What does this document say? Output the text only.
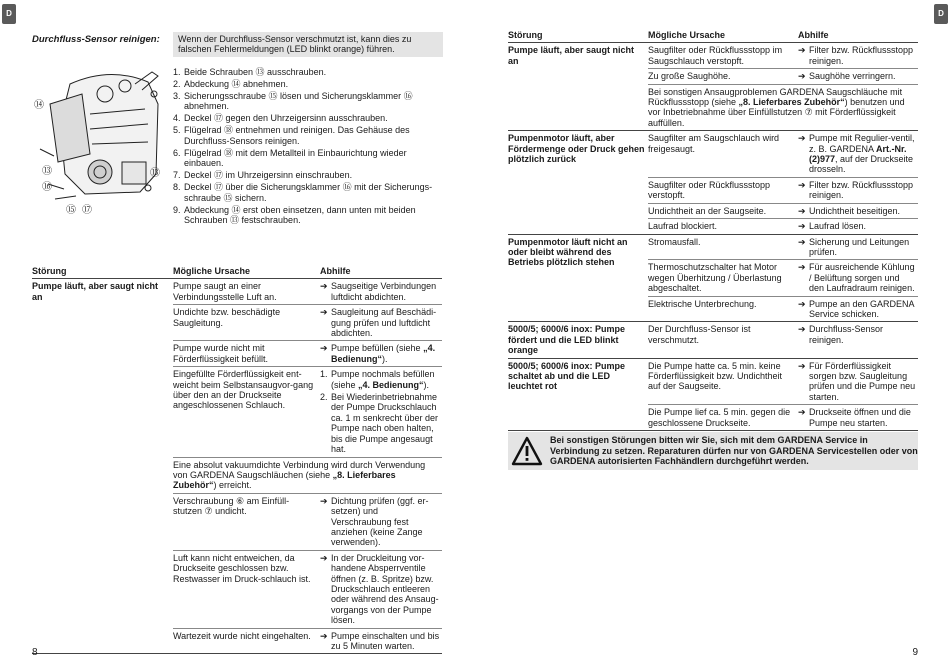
D
Durchfluss-Sensor reinigen:	Wenn der Durchfluss-Sensor verschmutzt ist, kann dies zu falschen Fehlermeldungen (LED blinkt orange) führen.
⑭
⑬
⑯
⑮ ⑰
⑬
1. Beide Schrauben ⑬ ausschrauben.
2. Abdeckung ⑭ abnehmen.
3. Sicherungsschraube ⑮ lösen und Sicherungsklammer ⑯ abnehmen.
4. Deckel ⑰ gegen den Uhrzeigersinn ausschrauben.
5. Flügelrad ⑱ entnehmen und reinigen. Das Gehäuse des Durchfluss-Sensors reinigen.
6. Flügelrad ⑱ mit dem Metallteil in Einbaurichtung wieder einbauen.
7. Deckel ⑰ im Uhrzeigersinn einschrauben.
8. Deckel ⑰ über die Sicherungsklammer ⑯ mit der Sicherungs-schraube ⑮ sichern.
9. Abdeckung ⑭ erst oben einsetzen, dann unten mit beiden Schrauben ⑬ festschrauben.
Störung	Mögliche Ursache	Abhilfe
Pumpe läuft, aber saugt nicht an	Pumpe saugt an einer Verbindungsstelle Luft an.	➔ Saugseitige Verbindungen luftdicht abdichten.

	Undichte bzw. beschädigte Saugleitung.	➔ Saugleitung auf Beschädi-gung prüfen und luftdicht abdichten.

	Pumpe wurde nicht mit Förderflüssigkeit befüllt.	➔ Pumpe befüllen (siehe „4. Bedienung“).

	Eingefüllte Förderflüssigkeit ent-weicht beim Selbstansaugvor-gang über den an der Druckseite angeschlossenen Schlauch.	1. Pumpe nochmals befüllen (siehe „4. Bedienung“).
2. Bei Wiederinbetriebnahme der Pumpe Druckschlauch ca. 1 m senkrecht über der Pumpe nach oben halten, bis die Pumpe angesaugt hat.

	Eine absolut vakuumdichte Verbindung wird durch Verwendung von GARDENA Saugschläuchen (siehe „8. Lieferbares Zubehör“) erreicht.	
	Verschraubung ⑥ am Einfüll-stutzen ⑦ undicht.	➔ Dichtung prüfen (ggf. er-setzen) und Verschraubung fest anziehen (keine Zange verwenden).

	Luft kann nicht entweichen, da Druckseite geschlossen bzw. Restwasser im Druck-schlauch ist.	➔ In der Druckleitung vor-handene Absperrventile öffnen (z. B. Spritze) bzw. Druckschlauch entleeren oder während des Ansaug-vorgangs von der Pumpe lösen.

	Wartezeit wurde nicht eingehalten.	➔ Pumpe einschalten und bis zu 5 Minuten warten.
8
D
Störung	Mögliche Ursache	Abhilfe
Pumpe läuft, aber saugt nicht an	Saugfilter oder Rückflussstopp im Saugschlauch verstopft.	➔ Filter bzw. Rückflussstopp reinigen.

	Zu große Saughöhe.	➔ Saughöhe verringern.

	Bei sonstigen Ansaugproblemen GARDENA Saugschläuche mit Rückflussstopp (siehe „8. Lieferbares Zubehör“) benutzen und vor Inbetriebnahme über Einfüllstutzen ⑦ mit Förderflüssigkeit auffüllen.	
Pumpenmotor läuft, aber Fördermenge oder Druck gehen plötzlich zurück	Saugfilter am Saugschlauch wird freigesaugt.	➔ Pumpe mit Regulier-ventil, z. B. GARDENA Art.-Nr. (2)977, auf der Druckseite drosseln.

	Saugfilter oder Rückflussstopp verstopft.	➔ Filter bzw. Rückflussstopp reinigen.

	Undichtheit an der Saugseite.	➔ Undichtheit beseitigen.

	Laufrad blockiert.	➔ Laufrad lösen.

Pumpenmotor läuft nicht an oder bleibt während des Betriebs plötzlich stehen	Stromausfall.	➔ Sicherung und Leitungen prüfen.

	Thermoschutzschalter hat Motor wegen Überhitzung / Überlastung abgeschaltet.	➔ Für ausreichende Kühlung / Belüftung sorgen und den Laufradraum reinigen.

	Elektrische Unterbrechung.	➔ Pumpe an den GARDENA Service schicken.

5000/5; 6000/6 inox: Pumpe fördert und die LED blinkt orange	Der Durchfluss-Sensor ist verschmutzt.	➔ Durchfluss-Sensor reinigen.

5000/5; 6000/6 inox: Pumpe schaltet ab und die LED leuchtet rot	Die Pumpe hatte ca. 5 min. keine Förderflüssigkeit bzw. Undichtheit auf der Saugseite.	➔ Für Förderflüssigkeit sorgen bzw. Saugleitung prüfen und die Pumpe neu starten.

	Die Pumpe lief ca. 5 min. gegen die geschlossene Druckseite.	➔ Druckseite öffnen und die Pumpe neu starten.
9
Bei sonstigen Störungen bitten wir Sie, sich mit dem GARDENA Service in Verbindung zu setzen. Reparaturen dürfen nur von GARDENA Servicestellen oder von GARDENA autorisierten Fachhändlern durchgeführt werden.
